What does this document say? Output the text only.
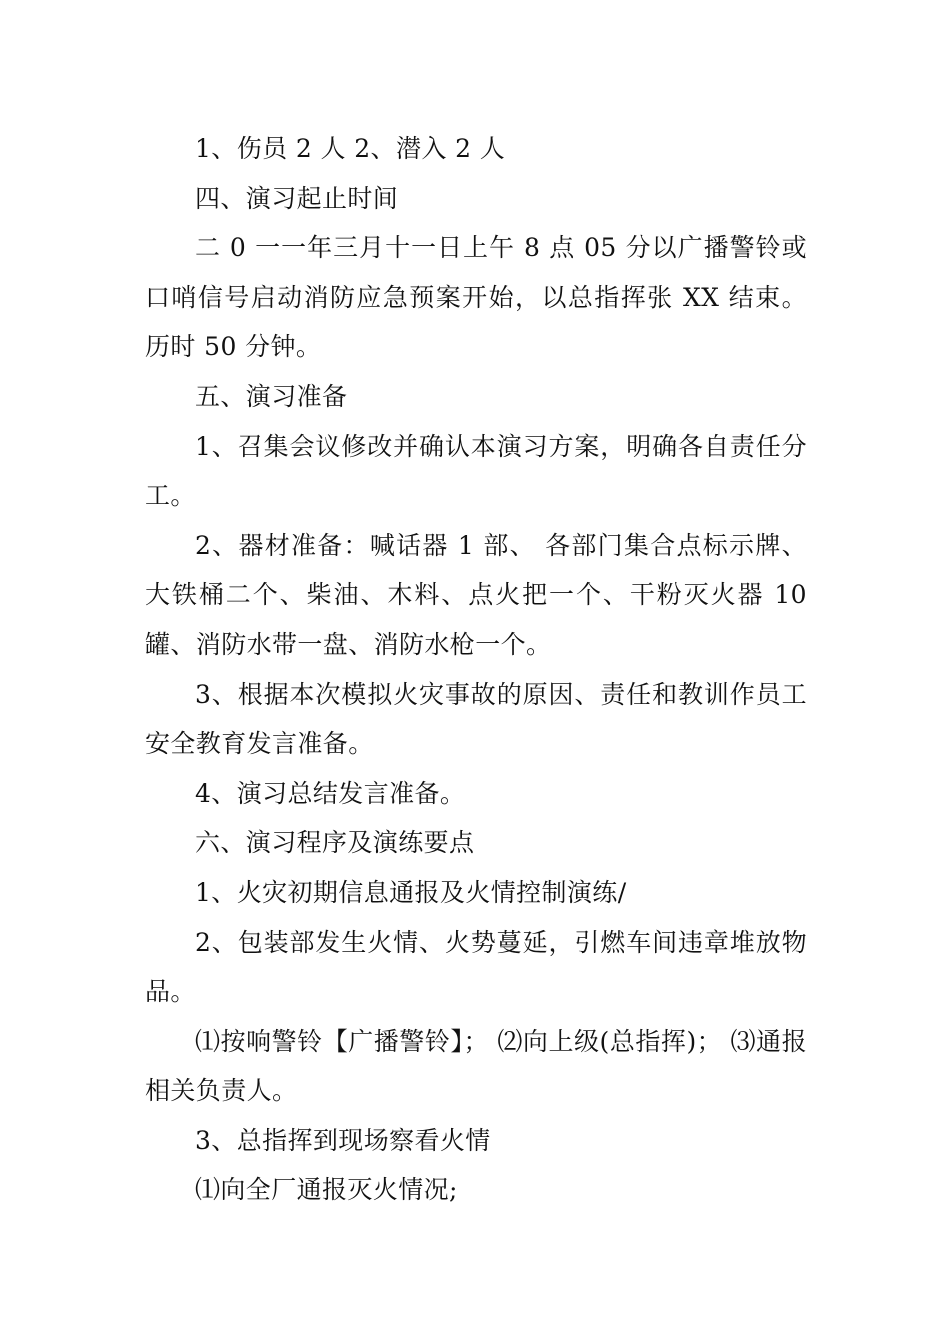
1、伤员 2 人 2、潜入 2 人

四、演习起止时间

二 0 一一年三月十一日上午 8 点 05 分以广播警铃或口哨信号启动消防应急预案开始，以总指挥张 XX 结束。历时 50 分钟。

五、演习准备

1、召集会议修改并确认本演习方案，明确各自责任分工。

2、器材准备：喊话器 1 部、 各部门集合点标示牌、大铁桶二个、柴油、木料、点火把一个、干粉灭火器 10 罐、消防水带一盘、消防水枪一个。

3、根据本次模拟火灾事故的原因、责任和教训作员工安全教育发言准备。

4、演习总结发言准备。

六、演习程序及演练要点

1、火灾初期信息通报及火情控制演练/

2、包装部发生火情、火势蔓延，引燃车间违章堆放物品。

⑴按响警铃【广播警铃】； ⑵向上级(总指挥)； ⑶通报相关负责人。

3、总指挥到现场察看火情

⑴向全厂通报灭火情况;
